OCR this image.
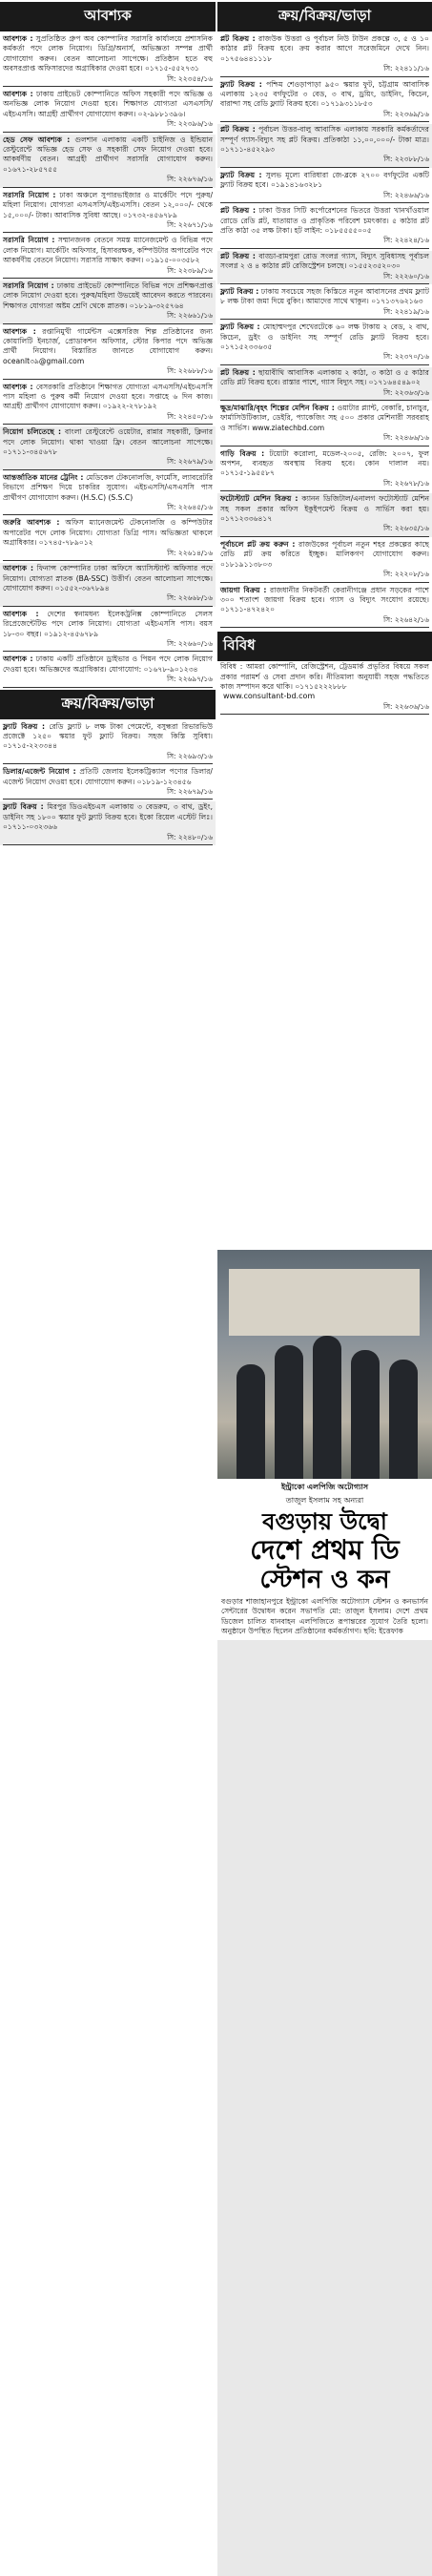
আবশ্যক

আবশ্যক : সুপ্রতিষ্ঠিত গ্রুপ অব কোম্পানির সরাসরি কার্যালয়ে প্রশাসনিক কর্মকর্তা পদে লোক নিয়োগ। ডিগ্রি/অনার্স, অভিজ্ঞতা সম্পন্ন প্রার্থী যোগাযোগ করুন। বেতন আলোচনা সাপেক্ষে। প্রতিষ্ঠান হতে বহু অবসরপ্রাপ্ত অফিসারদের অগ্রাধিকার দেওয়া হবে। ০১৭১৫-৫৫২৭৩১

সি: ২২৩৫৪/১৬

আবশ্যক : ঢাকায় প্রাইভেট কোম্পানিতে অফিস সহকারী পদে অভিজ্ঞ ও অনভিজ্ঞ লোক নিয়োগ দেওয়া হবে। শিক্ষাগত যোগ্যতা এসএসসি/এইচএসসি। আগ্রহী প্রার্থীগণ যোগাযোগ করুন। ০২-৯৮৮১৩৯৬।

সি: ২২৩৯৬/১৬

হেড সেফ আবশ্যক : গুলশান এলাকায় একটি চাইনিজ ও ইন্ডিয়ান রেস্টুরেন্টে অভিজ্ঞ হেড সেফ ও সহকারী সেফ নিয়োগ দেওয়া হবে। আকর্ষণীয় বেতন। আগ্রহী প্রার্থীগণ সরাসরি যোগাযোগ করুন। ০১৬৭১-২৮৫৭৫৫

সি: ২২৬৭৬/১৬

সরাসরি নিয়োগ : ঢাকা অঞ্চলে সুপারভাইজার ও মার্কেটিং পদে পুরুষ/মহিলা নিয়োগ। যোগ্যতা এসএসসি/এইচএসসি। বেতন ১২,০০০/- থেকে ১৫,০০০/- টাকা। আবাসিক সুবিধা আছে। ০১৭৩২-৪৫৬৭৮৯

সি: ২২৬৭১/১৬

সরাসরি নিয়োগ : সম্মানজনক বেতনে সমস্ত ম্যানেজমেন্ট ও বিভিন্ন পদে লোক নিয়োগ। মার্কেটিং অফিসার, হিসাবরক্ষক, কম্পিউটার অপারেটর পদে আকর্ষণীয় বেতনে নিয়োগ। সরাসরি সাক্ষাৎ করুন। ০১৯১৫-০০৩৫৮২

সি: ২২৩৮৯/১৬

সরাসরি নিয়োগ : ঢাকায় প্রাইভেট কোম্পানিতে বিভিন্ন পদে প্রশিক্ষণপ্রাপ্ত লোক নিয়োগ দেওয়া হবে। পুরুষ/মহিলা উভয়েই আবেদন করতে পারবেন। শিক্ষাগত যোগ্যতা অষ্টম শ্রেণি থেকে স্নাতক। ০১৮১৯-৩২৫৭৬৪

সি: ২২৬৬১/১৬

আবশ্যক : রপ্তানিমুখী গার্মেন্টস এক্সেসরিজ শিল্প প্রতিষ্ঠানের জন্য কোয়ালিটি ইনচার্জ, প্রোডাকশন অফিসার, স্টোর কিপার পদে অভিজ্ঞ প্রার্থী নিয়োগ। বিস্তারিত জানতে যোগাযোগ করুন। oceanlt৩৯@gmail.com

সি: ২২৬৮৮/১৬

আবশ্যক : বেসরকারি প্রতিষ্ঠানে শিক্ষাগত যোগ্যতা এসএসসি/এইচএসসি পাস মহিলা ও পুরুষ কর্মী নিয়োগ দেওয়া হবে। সপ্তাহে ৬ দিন কাজ। আগ্রহী প্রার্থীগণ যোগাযোগ করুন। ০১৯২২-২৭৮১৯২

সি: ২২৪৫০/১৬

নিয়োগ চলিতেছে : বাংলা রেস্টুরেন্টে ওয়েটার, রান্নার সহকারী, ক্লিনার পদে লোক নিয়োগ। থাকা খাওয়া ফ্রি। বেতন আলোচনা সাপেক্ষে। ০১৭১১-৩৪৫৬৭৮

সি: ২২৬৭৯/১৬

আন্তর্জাতিক মানের ট্রেনিং : মেডিকেল টেকনোলজি, ফার্মেসি, ল্যাবরেটরি বিভাগে প্রশিক্ষণ দিয়ে চাকরির সুযোগ। এইচএসসি/এসএসসি পাস প্রার্থীগণ যোগাযোগ করুন। (H.S.C) (S.S.C)

সি: ২২৬৪৫/১৬

জরুরি আবশ্যক : অফিস ম্যানেজমেন্ট টেকনোলজি ও কম্পিউটার অপারেটর পদে লোক নিয়োগ। যোগ্যতা ডিগ্রি পাস। অভিজ্ঞতা থাকলে অগ্রাধিকার। ০১৭৪৫-৭৮৯০১২

সি: ২২৬১৪/১৬

আবশ্যক : ফিনান্স কোম্পানির ঢাকা অফিসে অ্যাসিস্ট্যান্ট অফিসার পদে নিয়োগ। যোগ্যতা স্নাতক (BA-SSC) উত্তীর্ণ। বেতন আলোচনা সাপেক্ষে। যোগাযোগ করুন। ০১৫৫২-৩৬৭৮৯৪

সি: ২২৬৬৮/১৬

আবশ্যক : দেশের স্বনামধন্য ইলেকট্রনিক্স কোম্পানিতে সেলস রিপ্রেজেন্টেটিভ পদে লোক নিয়োগ। যোগ্যতা এইচএসসি পাস। বয়স ১৮-৩০ বছর। ০১৯১২-৪৫৬৭৮৯

সি: ২২৬৬০/১৬

আবশ্যক : ঢাকায় একটি প্রতিষ্ঠানে ড্রাইভার ও পিয়ন পদে লোক নিয়োগ দেওয়া হবে। অভিজ্ঞদের অগ্রাধিকার। যোগাযোগ: ০১৬৭৮-৯০১২৩৪

সি: ২২৬৯৭/১৬
ক্রয়/বিক্রয়/ভাড়া

ফ্ল্যাট বিক্রয় : রেডি ফ্ল্যাট ৮ লক্ষ টাকা পেমেন্টে, বসুন্ধরা রিভারভিউ প্রজেক্টে ১২৫০ স্কয়ার ফুট ফ্ল্যাট বিক্রয়। সহজ কিস্তি সুবিধা। ০১৭১৫-২২৩৩৪৪

সি: ২২৬৯৩/১৬

ডিলার/এজেন্ট নিয়োগ : প্রতিটি জেলায় ইলেকট্রিক্যাল পণ্যের ডিলার/এজেন্ট নিয়োগ দেওয়া হবে। যোগাযোগ করুন। ০১৮১৯-১২৩৪৫৬

সি: ২২৬৭৯/১৬

ফ্ল্যাট বিক্রয় : মিরপুর ডিওএইচএস এলাকায় ৩ বেডরুম, ৩ বাথ, ড্রইং, ডাইনিং সহ ১৮০০ স্কয়ার ফুট ফ্ল্যাট বিক্রয় হবে। ইকো রিয়েল এস্টেট লিঃ। ০১৭১১-০৩২৩৬৬

সি: ২২৪৮০/১৬
ক্রয়/বিক্রয়/ভাড়া

প্লট বিক্রয় : রাজউক উত্তরা ও পূর্বাচল নিউ টাউন প্রকল্পে ৩, ৫ ও ১০ কাঠার প্লট বিক্রয় হবে। ক্রয় করার আগে সরেজমিনে দেখে নিন। ০১৭৫৬৪৪১১১৮

সি: ২২৪১১/১৬

ফ্ল্যাট বিক্রয় : পশ্চিম শেওড়াপাড়া ৯৫০ স্কয়ার ফুট, চট্টগ্রাম আবাসিক এলাকায় ১২৩৫ বর্গফুটের ৩ বেড, ৩ বাথ, ড্রয়িং, ডাইনিং, কিচেন, বারান্দা সহ রেডি ফ্ল্যাট বিক্রয় হবে। ০১৭১৯৩১১৮৫৩

সি: ২২৩৬৯/১৬

প্লট বিক্রয় : পূর্বাচল উত্তর-বালু আবাসিক এলাকায় সরকারি কর্মকর্তাদের সম্পূর্ণ গ্যাস-বিদ্যুৎ সহ প্লট বিক্রয়। প্রতিকাঠা ১১,০০,০০০/- টাকা মাত্র। ০১৭১১-৪৫২২৯৩

সি: ২২৩৮৮/১৬

ফ্ল্যাট বিক্রয় : সুলভ মূল্যে বারিধারা জে-ব্লকে ২৭০০ বর্গফুটের একটি ফ্ল্যাট বিক্রয় হবে। ০১৯১৪১৬৩২৮১

সি: ২২৪৬৬/১৬

প্লট বিক্রয় : ঢাকা উত্তর সিটি কর্পোরেশনের ভিতরে উত্তরা খানখাঁওয়াল রোডে রেডি প্লট, যাতায়াত ও প্রাকৃতিক পরিবেশ চমৎকার। ৫ কাঠার প্লট প্রতি কাঠা ৩৫ লক্ষ টাকা। হট লাইন: ০১৮৫৫৫৫০০৫

সি: ২২৪২৪/১৬

প্লট বিক্রয় : বাড্ডা-রামপুরা রোড সংলগ্ন গ্যাস, বিদ্যুৎ সুবিধাসহ পূর্বাচল সংলগ্ন ২ ও ৪ কাঠার প্লট রেজিস্ট্রেশন চলছে। ০১৫৫২৩৫২০৩০

সি: ২২২৬০/১৬

ফ্ল্যাট বিক্রয় : ঢাকায় সবচেয়ে সহজ কিস্তিতে নতুন আবাসনের প্রথম ফ্ল্যাট ৮ লক্ষ টাকা জমা দিয়ে বুকিং। আমাদের সাথে থাকুন। ০১৭১৩৭৬২১৬৩

সি: ২২৪১৯/১৬

ফ্ল্যাট বিক্রয় : মোহাম্মদপুর শেখেরটেকে ৬০ লক্ষ টাকায় ২ বেড, ২ বাথ, কিচেন, ড্রইং ও ডাইনিং সহ সম্পূর্ণ রেডি ফ্ল্যাট বিক্রয় হবে। ০১৭১৫২৩৩৬৩৫

সি: ২২৩৭০/১৬

প্লট বিক্রয় : ছায়াবীথি আবাসিক এলাকায় ২ কাঠা, ৩ কাঠা ও ৫ কাঠার রেডি প্লট বিক্রয় হবে। রাস্তার পাশে, গ্যাস বিদ্যুৎ সহ। ০১৭১৬৪৫৪৯০২

সি: ২২৩৬৩/১৬

ক্ষুদ্র/মাঝারি/বৃহৎ শিল্পের মেশিন বিক্রয় : ওয়াটার প্ল্যান্ট, বেকারি, চানাচুর, ফার্মাসিউটিক্যাল, ডেইরি, প্যাকেজিং সহ ৫০০ প্রকার মেশিনারী সরবরাহ ও সার্ভিস। www.ziatechbd.com

সি: ২২৪৬৬/১৬

গাড়ি বিক্রয় : টয়োটা করোলা, মডেল-২০০৫, রেজি: ২০০৭, ফুল অপশন, ব্যবহৃত অবস্থায় বিক্রয় হবে। কোন দালাল নয়। ০১৭১৫-১৯৫৫৮৭

সি: ২২৬৭৮/১৬

ফটোস্ট্যাট মেশিন বিক্রয় : ক্যানন ডিজিটাল/এনালগ ফটোস্ট্যাট মেশিন সহ সকল প্রকার অফিস ইকুইপমেন্ট বিক্রয় ও সার্ভিস করা হয়। ০১৭১২৩৩৬৪১৭

সি: ২২৬৩৫/১৬

পূর্বাচলে প্লট ক্রয় করুন : রাজউকের পূর্বাচল নতুন শহর প্রকল্পের কাছে রেডি প্লট ক্রয় করিতে ইচ্ছুক। মালিকগণ যোগাযোগ করুন। ০১৮১৯১১৩৮০৩

সি: ২২২০৮/১৬

জায়গা বিক্রয় : রাজধানীর নিকটবর্তী কেরানীগঞ্জে প্রধান সড়কের পাশে ৩০০ শতাংশ জায়গা বিক্রয় হবে। গ্যাস ও বিদ্যুৎ সংযোগ রয়েছে। ০১৭১১-৪৭২৪২০

সি: ২২৬৪২/১৬
বিবিধ

বিবিধ : আমরা কোম্পানি, রেজিস্ট্রেশন, ট্রেডমার্ক প্রভৃতির বিষয়ে সকল প্রকার পরামর্শ ও সেবা প্রদান করি। নীতিমালা অনুযায়ী সহজ পদ্ধতিতে কাজ সম্পাদন করে থাকি। ০১৭১৫২২২৮৮৮

www.consultant-bd.com

সি: ২২৬৩৬/১৬
ইন্ট্রাকো এলপিজি অটোগ্যাস
তাজুল ইসলাম সহ অন্যরা
বগুড়ায় উদ্বো
দেশে প্রথম ডি
স্টেশন ও কন
বগুড়ার শাজাহানপুরে ইন্ট্রাকো এলপিজি অটোগ্যাস স্টেশন ও কনভার্সন সেন্টারের উদ্বোধন করেন সভাপতি মো: তাজুল ইসলাম। দেশে প্রথম ডিজেল চালিত যানবাহন এলপিজিতে রূপান্তরের সুযোগ তৈরি হলো। অনুষ্ঠানে উপস্থিত ছিলেন প্রতিষ্ঠানের কর্মকর্তাগণ। ছবি: ইত্তেফাক
